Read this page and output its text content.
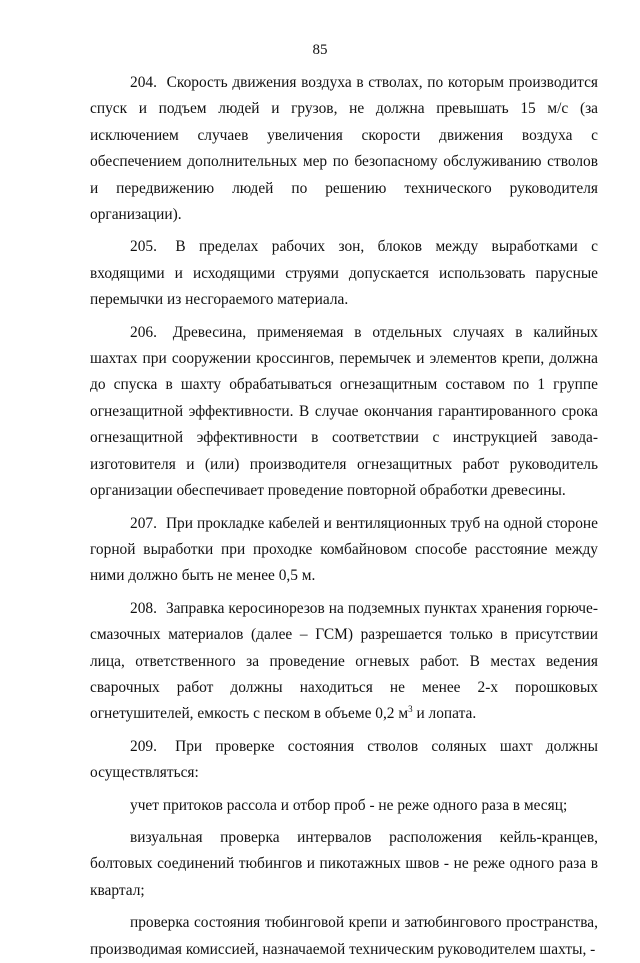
85

204. Скорость движения воздуха в стволах, по которым производится спуск и подъем людей и грузов, не должна превышать 15 м/с (за исключением случаев увеличения скорости движения воздуха с обеспечением дополнительных мер по безопасному обслуживанию стволов и передвижению людей по решению технического руководителя организации).

205. В пределах рабочих зон, блоков между выработками с входящими и исходящими струями допускается использовать парусные перемычки из несгораемого материала.

206. Древесина, применяемая в отдельных случаях в калийных шахтах при сооружении кроссингов, перемычек и элементов крепи, должна до спуска в шахту обрабатываться огнезащитным составом по 1 группе огнезащитной эффективности. В случае окончания гарантированного срока огнезащитной эффективности в соответствии с инструкцией завода-изготовителя и (или) производителя огнезащитных работ руководитель организации обеспечивает проведение повторной обработки древесины.

207. При прокладке кабелей и вентиляционных труб на одной стороне горной выработки при проходке комбайновом способе расстояние между ними должно быть не менее 0,5 м.

208. Заправка керосинорезов на подземных пунктах хранения горюче-смазочных материалов (далее – ГСМ) разрешается только в присутствии лица, ответственного за проведение огневых работ. В местах ведения сварочных работ должны находиться не менее 2-х порошковых огнетушителей, емкость с песком в объеме 0,2 $м^3$ и лопата.

209. При проверке состояния стволов соляных шахт должны осуществляться:

учет притоков рассола и отбор проб - не реже одного раза в месяц;

визуальная проверка интервалов расположения кейль-кранцев, болтовых соединений тюбингов и пикотажных швов - не реже одного раза в квартал;

проверка состояния тюбинговой крепи и затюбингового пространства, производимая комиссией, назначаемой техническим руководителем шахты, -
